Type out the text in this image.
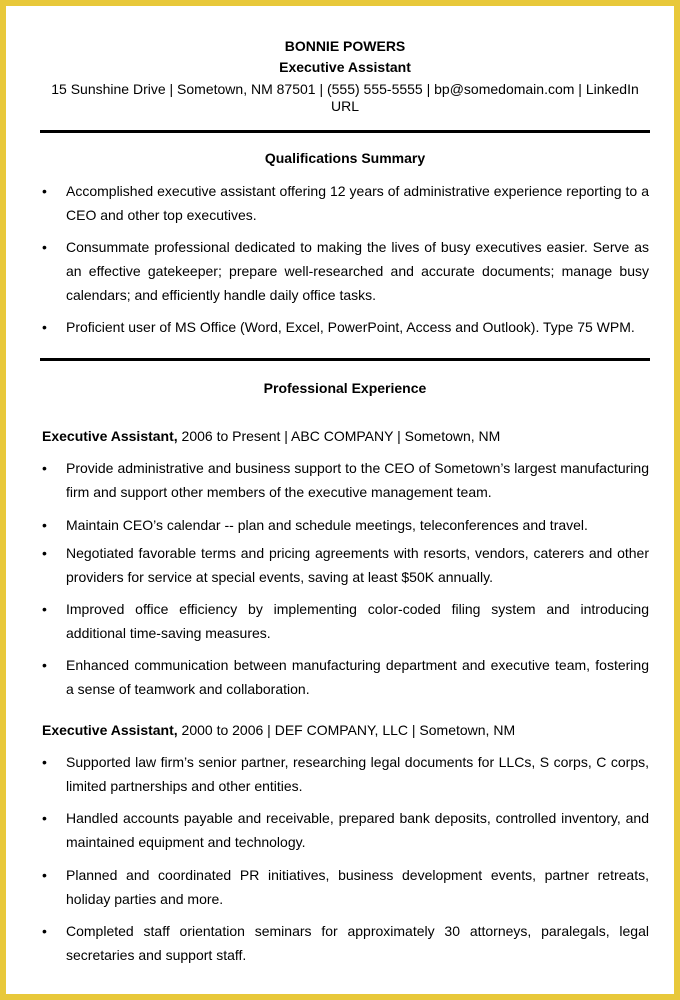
BONNIE POWERS
Executive Assistant
15 Sunshine Drive | Sometown, NM 87501 | (555) 555-5555 | bp@somedomain.com | LinkedIn URL
Qualifications Summary
•	Accomplished executive assistant offering 12 years of administrative experience reporting to a CEO and other top executives.
•	Consummate professional dedicated to making the lives of busy executives easier. Serve as an effective gatekeeper; prepare well-researched and accurate documents; manage busy calendars; and efficiently handle daily office tasks.
•	Proficient user of MS Office (Word, Excel, PowerPoint, Access and Outlook). Type 75 WPM.
Professional Experience
Executive Assistant, 2006 to Present | ABC COMPANY | Sometown, NM
•	Provide administrative and business support to the CEO of Sometown’s largest manufacturing firm and support other members of the executive management team.
•	Maintain CEO’s calendar -- plan and schedule meetings, teleconferences and travel.
•	Negotiated favorable terms and pricing agreements with resorts, vendors, caterers and other providers for service at special events, saving at least $50K annually.
•	Improved office efficiency by implementing color-coded filing system and introducing additional time-saving measures.
•	Enhanced communication between manufacturing department and executive team, fostering a sense of teamwork and collaboration.
Executive Assistant, 2000 to 2006 | DEF COMPANY, LLC | Sometown, NM
•	Supported law firm’s senior partner, researching legal documents for LLCs, S corps, C corps, limited partnerships and other entities.
•	Handled accounts payable and receivable, prepared bank deposits, controlled inventory, and maintained equipment and technology.
•	Planned and coordinated PR initiatives, business development events, partner retreats, holiday parties and more.
•	Completed staff orientation seminars for approximately 30 attorneys, paralegals, legal secretaries and support staff.
